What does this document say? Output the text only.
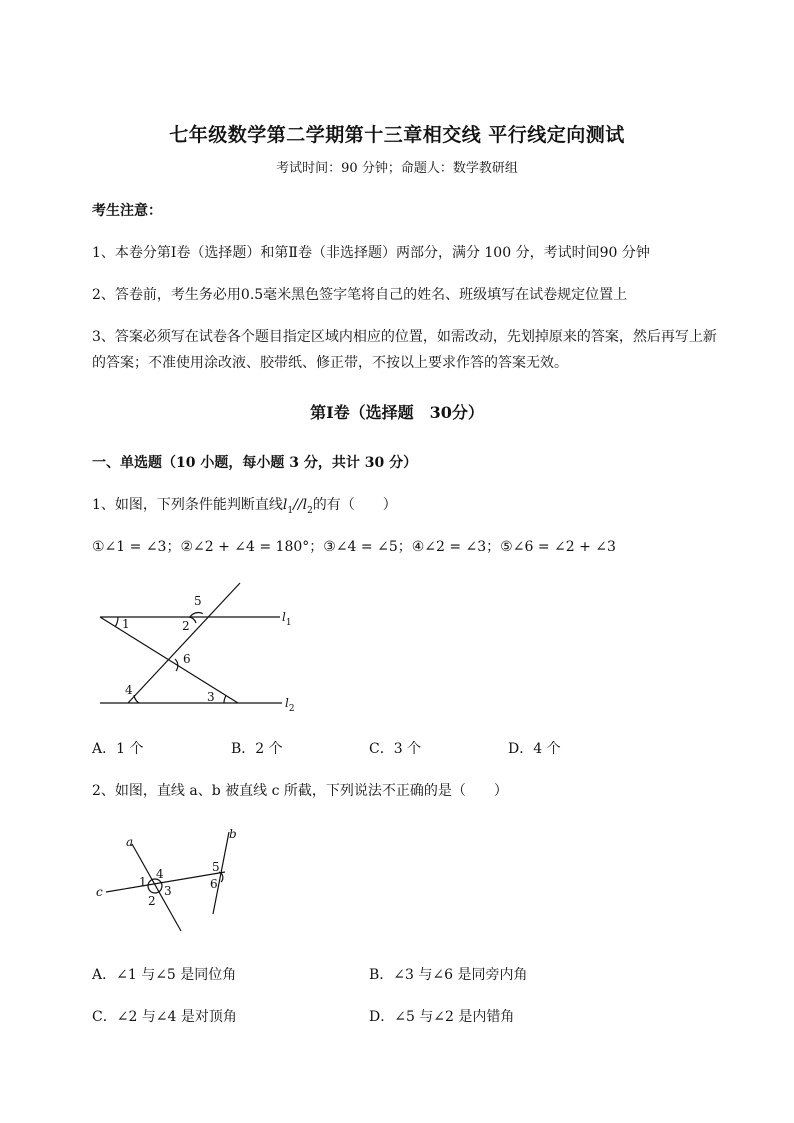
七年级数学第二学期第十三章相交线 平行线定向测试
考试时间：90 分钟；命题人：数学教研组
考生注意：
1、本卷分第Ⅰ卷（选择题）和第Ⅱ卷（非选择题）两部分，满分 100 分，考试时间90 分钟
2、答卷前，考生务必用0.5毫米黑色签字笔将自己的姓名、班级填写在试卷规定位置上
3、答案必须写在试卷各个题目指定区域内相应的位置，如需改动，先划掉原来的答案，然后再写上新
的答案；不准使用涂改液、胶带纸、修正带，不按以上要求作答的答案无效。
第Ⅰ卷（选择题　30分）
一、单选题（10 小题，每小题 3 分，共计 30 分）
1、如图，下列条件能判断直线$l_1//l_2$的有（　　）
①∠1 = ∠3；②∠2 + ∠4 = 180°；③∠4 = ∠5；④∠2 = ∠3；⑤∠6 = ∠2 + ∠3
1
5
2
6
4	3
$l_1$
$l_2$
A．1 个	B．2 个	C．3 个	D．4 个
2、如图，直线 a、b 被直线 c 所截，下列说法不正确的是（　　）
a
b
c
1
4
3
2
5
6
A．∠1 与∠5 是同位角	B．∠3 与∠6 是同旁内角
C．∠2 与∠4 是对顶角	D．∠5 与∠2 是内错角
